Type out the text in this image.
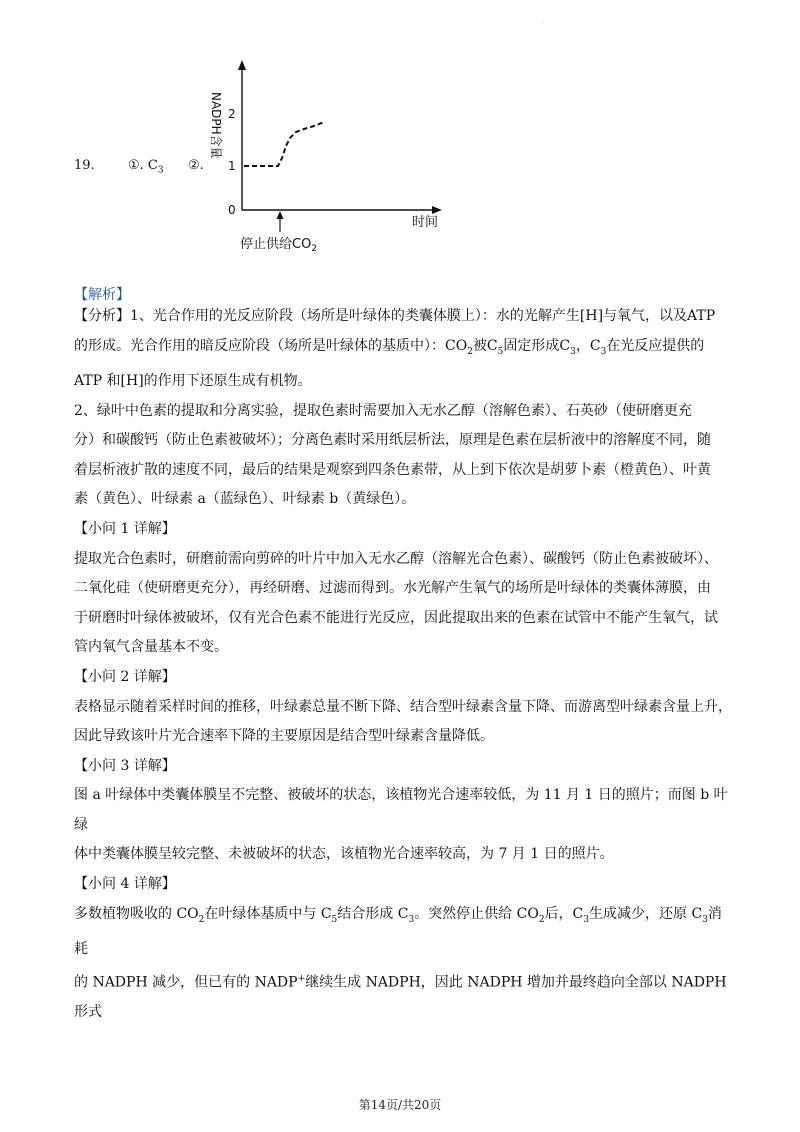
.
19.	①. $C_3$ ②.
NADPH含量 2
1
0
时间
停止供给$CO_2$
【解析】

【分析】1、光合作用的光反应阶段（场所是叶绿体的类囊体膜上）：水的光解产生[H]与氧气，以及ATP

的形成。光合作用的暗反应阶段（场所是叶绿体的基质中）：$CO_2$被$C_5$固定形成$C_3$，$C_3$在光反应提供的

ATP 和[H]的作用下还原生成有机物。

2、绿叶中色素的提取和分离实验，提取色素时需要加入无水乙醇（溶解色素）、石英砂（使研磨更充

分）和碳酸钙（防止色素被破坏）；分离色素时采用纸层析法，原理是色素在层析液中的溶解度不同，随

着层析液扩散的速度不同，最后的结果是观察到四条色素带，从上到下依次是胡萝卜素（橙黄色）、叶黄

素（黄色）、叶绿素 a（蓝绿色）、叶绿素 b（黄绿色）。

【小问 1 详解】

提取光合色素时，研磨前需向剪碎的叶片中加入无水乙醇（溶解光合色素）、碳酸钙（防止色素被破坏）、

二氧化硅（使研磨更充分），再经研磨、过滤而得到。水光解产生氧气的场所是叶绿体的类囊体薄膜，由

于研磨时叶绿体被破坏，仅有光合色素不能进行光反应，因此提取出来的色素在试管中不能产生氧气，试

管内氧气含量基本不变。

【小问 2 详解】

表格显示随着采样时间的推移，叶绿素总量不断下降、结合型叶绿素含量下降、而游离型叶绿素含量上升，

因此导致该叶片光合速率下降的主要原因是结合型叶绿素含量降低。

【小问 3 详解】

图 a 叶绿体中类囊体膜呈不完整、被破坏的状态，该植物光合速率较低，为 11 月 1 日的照片；而图 b 叶绿

体中类囊体膜呈较完整、未被破坏的状态，该植物光合速率较高，为 7 月 1 日的照片。

【小问 4 详解】

多数植物吸收的 $CO_2$在叶绿体基质中与 $C_5$结合形成 $C_3$。突然停止供给 $CO_2$后，$C_3$生成减少，还原 $C_3$消耗

的 NADPH 减少，但已有的 NADP+继续生成 NADPH，因此 NADPH 增加并最终趋向全部以 NADPH 形式

第14页/共20页
